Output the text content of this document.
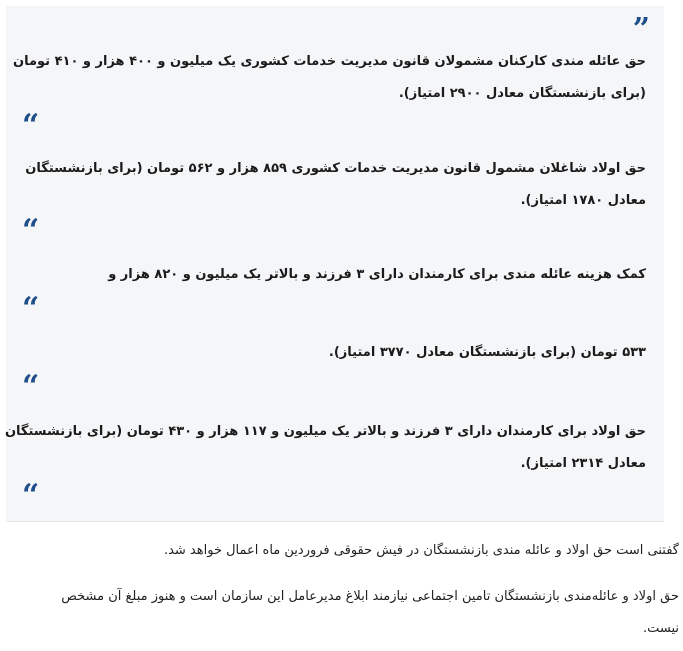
”
حق عائله مندی کارکنان مشمولان قانون مدیریت خدمات کشوری یک میلیون و ۴۰۰ هزار و ۴۱۰ تومان
(برای بازنشستگان معادل ۲۹۰۰ امتیاز).
“
حق اولاد شاغلان مشمول قانون مدیریت خدمات کشوری ۸۵۹ هزار و ۵۶۲ تومان (برای بازنشستگان
معادل ۱۷۸۰ امتیاز).
“
کمک هزینه عائله مندی برای کارمندان دارای ۳ فرزند و بالاتر یک میلیون و ۸۲۰ هزار و
“
۵۳۳ تومان (برای بازنشستگان معادل ۳۷۷۰ امتیاز).
“
حق اولاد برای کارمندان دارای ۳ فرزند و بالاتر یک میلیون و ۱۱۷ هزار و ۴۳۰ تومان (برای بازنشستگان
معادل ۲۳۱۴ امتیاز).
“
گفتنی است حق اولاد و عائله مندی بازنشستگان در فیش حقوقی فروردین ماه اعمال خواهد شد.
حق اولاد و عائله‌مندی بازنشستگان تامین اجتماعی نیازمند ابلاغ مدیرعامل این سازمان است و هنوز مبلغ آن مشخص
نیست.
